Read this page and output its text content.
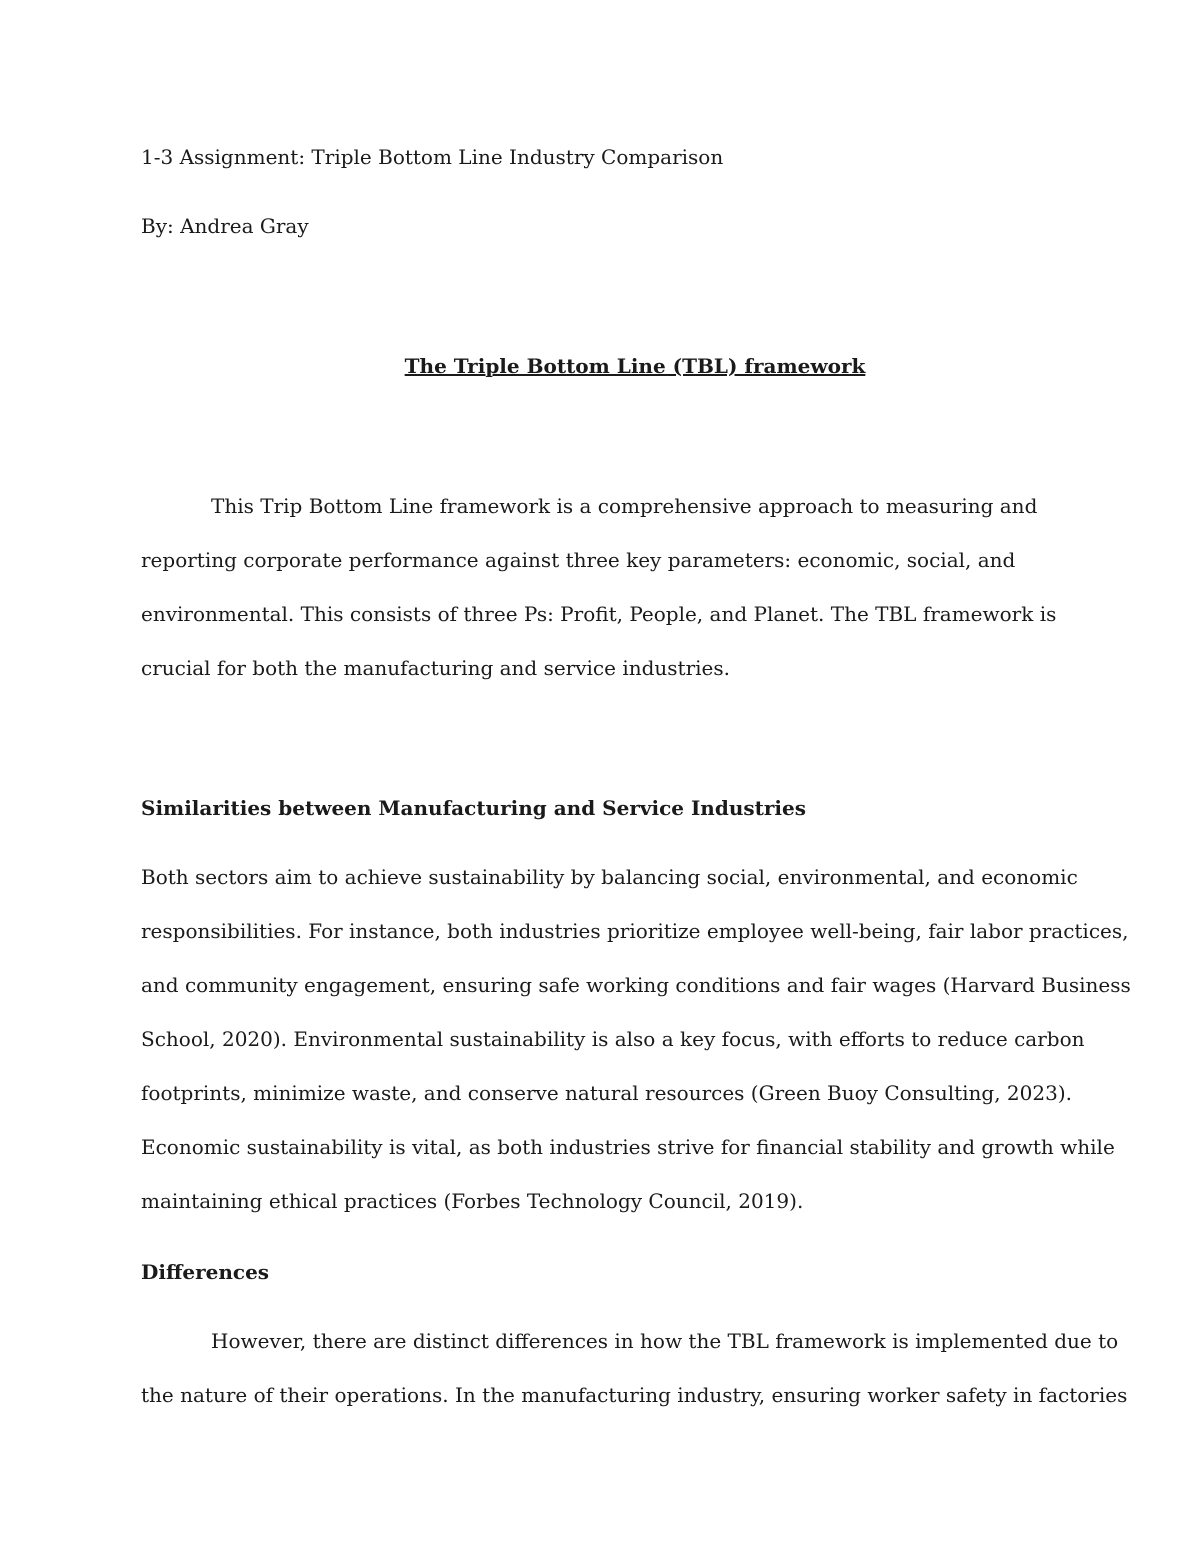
1-3 Assignment: Triple Bottom Line Industry Comparison
By: Andrea Gray
The Triple Bottom Line (TBL) framework
This Trip Bottom Line framework is a comprehensive approach to measuring and
reporting corporate performance against three key parameters: economic, social, and
environmental. This consists of three Ps: Profit, People, and Planet. The TBL framework is
crucial for both the manufacturing and service industries.
Similarities between Manufacturing and Service Industries
Both sectors aim to achieve sustainability by balancing social, environmental, and economic
responsibilities. For instance, both industries prioritize employee well-being, fair labor practices,
and community engagement, ensuring safe working conditions and fair wages (Harvard Business
School, 2020). Environmental sustainability is also a key focus, with efforts to reduce carbon
footprints, minimize waste, and conserve natural resources (Green Buoy Consulting, 2023).
Economic sustainability is vital, as both industries strive for financial stability and growth while
maintaining ethical practices (Forbes Technology Council, 2019).
Differences
However, there are distinct differences in how the TBL framework is implemented due to
the nature of their operations. In the manufacturing industry, ensuring worker safety in factories
